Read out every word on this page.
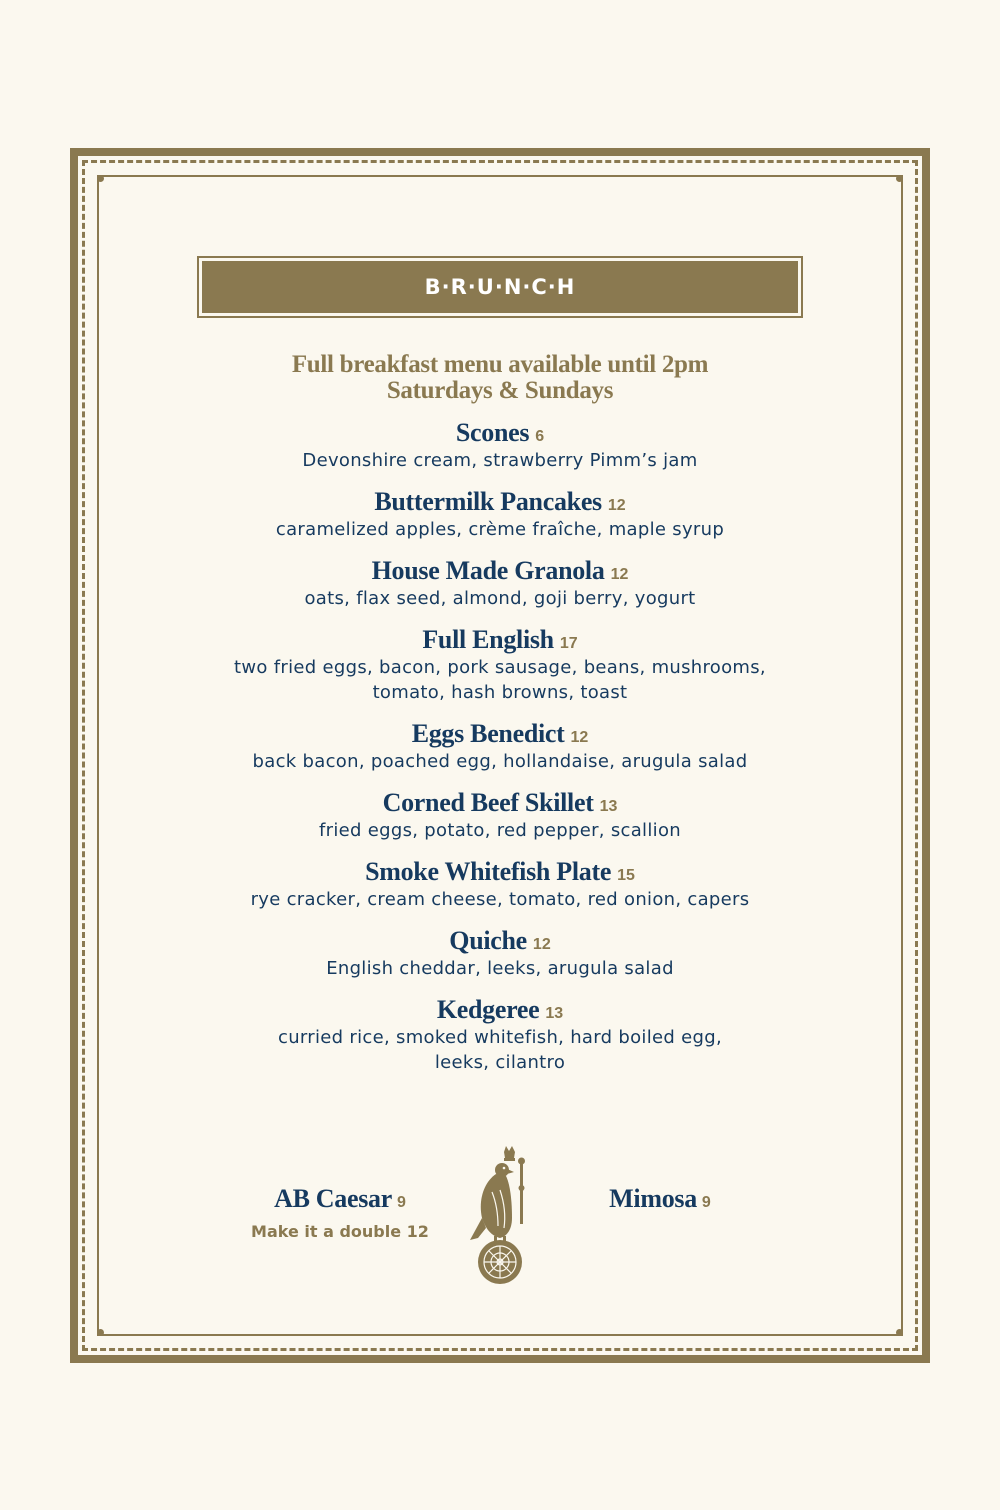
B·R·U·N·C·H
Full breakfast menu available until 2pm
Saturdays & Sundays
Scones 6
Devonshire cream, strawberry Pimm’s jam
Buttermilk Pancakes 12
caramelized apples, crème fraîche, maple syrup
House Made Granola 12
oats, flax seed, almond, goji berry, yogurt
Full English 17
two fried eggs, bacon, pork sausage, beans, mushrooms,
tomato, hash browns, toast
Eggs Benedict 12
back bacon, poached egg, hollandaise, arugula salad
Corned Beef Skillet 13
fried eggs, potato, red pepper, scallion
Smoke Whitefish Plate 15
rye cracker, cream cheese, tomato, red onion, capers
Quiche 12
English cheddar, leeks, arugula salad
Kedgeree 13
curried rice, smoked whitefish, hard boiled egg,
leeks, cilantro
AB Caesar 9
Make it a double 12
Mimosa 9
